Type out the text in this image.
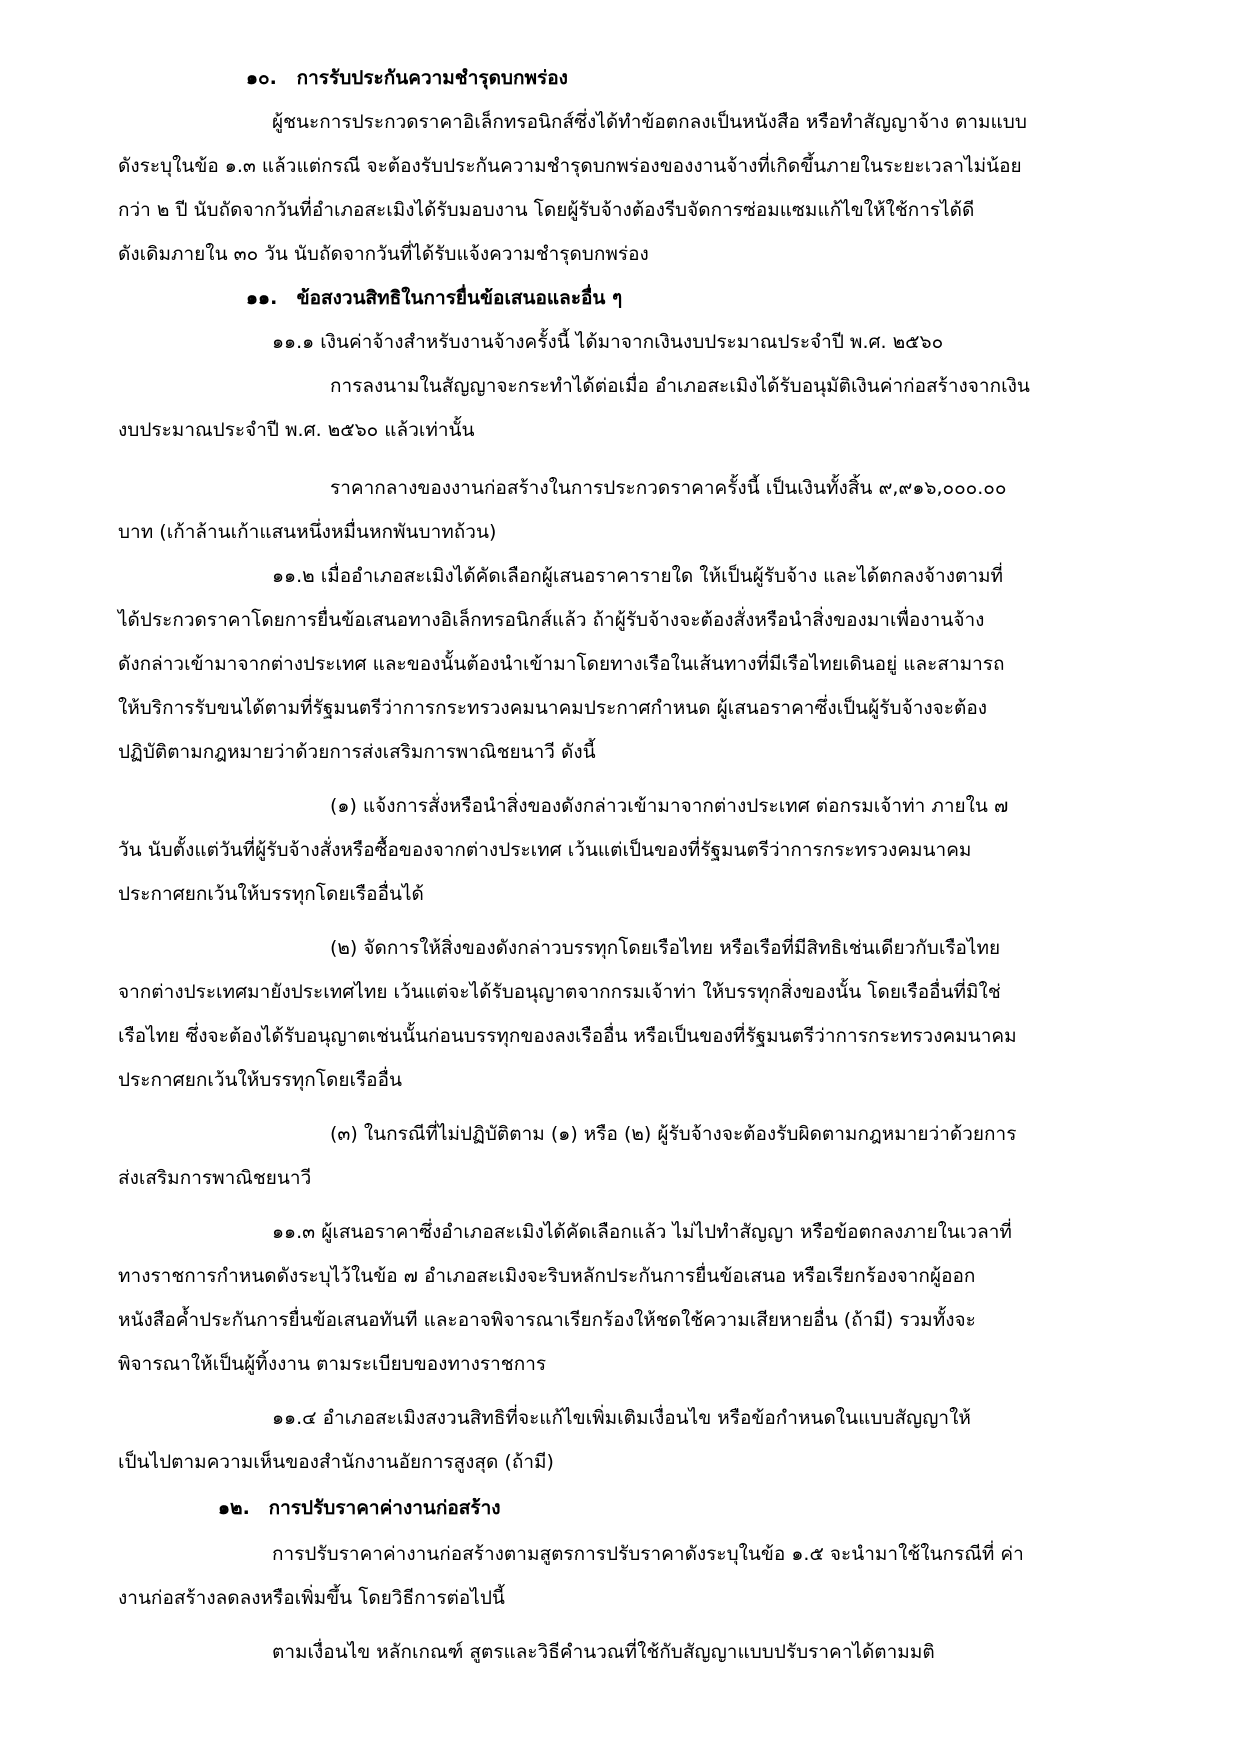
๑๐. การรับประกันความชำรุดบกพร่อง

ผู้ชนะการประกวดราคาอิเล็กทรอนิกส์ซึ่งได้ทำข้อตกลงเป็นหนังสือ หรือทำสัญญาจ้าง ตามแบบ

ดังระบุในข้อ ๑.๓ แล้วแต่กรณี จะต้องรับประกันความชำรุดบกพร่องของงานจ้างที่เกิดขึ้นภายในระยะเวลาไม่น้อย

กว่า ๒ ปี นับถัดจากวันที่อำเภอสะเมิงได้รับมอบงาน โดยผู้รับจ้างต้องรีบจัดการซ่อมแซมแก้ไขให้ใช้การได้ดี

ดังเดิมภายใน ๓๐ วัน นับถัดจากวันที่ได้รับแจ้งความชำรุดบกพร่อง

๑๑. ข้อสงวนสิทธิในการยื่นข้อเสนอและอื่น ๆ

๑๑.๑ เงินค่าจ้างสำหรับงานจ้างครั้งนี้ ได้มาจากเงินงบประมาณประจำปี พ.ศ. ๒๕๖๐

การลงนามในสัญญาจะกระทำได้ต่อเมื่อ อำเภอสะเมิงได้รับอนุมัติเงินค่าก่อสร้างจากเงิน

งบประมาณประจำปี พ.ศ. ๒๕๖๐ แล้วเท่านั้น

ราคากลางของงานก่อสร้างในการประกวดราคาครั้งนี้ เป็นเงินทั้งสิ้น ๙,๙๑๖,๐๐๐.๐๐

บาท (เก้าล้านเก้าแสนหนึ่งหมื่นหกพันบาทถ้วน)

๑๑.๒ เมื่ออำเภอสะเมิงได้คัดเลือกผู้เสนอราคารายใด ให้เป็นผู้รับจ้าง และได้ตกลงจ้างตามที่

ได้ประกวดราคาโดยการยื่นข้อเสนอทางอิเล็กทรอนิกส์แล้ว ถ้าผู้รับจ้างจะต้องสั่งหรือนำสิ่งของมาเพื่องานจ้าง

ดังกล่าวเข้ามาจากต่างประเทศ และของนั้นต้องนำเข้ามาโดยทางเรือในเส้นทางที่มีเรือไทยเดินอยู่ และสามารถ

ให้บริการรับขนได้ตามที่รัฐมนตรีว่าการกระทรวงคมนาคมประกาศกำหนด ผู้เสนอราคาซึ่งเป็นผู้รับจ้างจะต้อง

ปฏิบัติตามกฎหมายว่าด้วยการส่งเสริมการพาณิชยนาวี ดังนี้

(๑) แจ้งการสั่งหรือนำสิ่งของดังกล่าวเข้ามาจากต่างประเทศ ต่อกรมเจ้าท่า ภายใน ๗

วัน นับตั้งแต่วันที่ผู้รับจ้างสั่งหรือซื้อของจากต่างประเทศ เว้นแต่เป็นของที่รัฐมนตรีว่าการกระทรวงคมนาคม

ประกาศยกเว้นให้บรรทุกโดยเรืออื่นได้

(๒) จัดการให้สิ่งของดังกล่าวบรรทุกโดยเรือไทย หรือเรือที่มีสิทธิเช่นเดียวกับเรือไทย

จากต่างประเทศมายังประเทศไทย เว้นแต่จะได้รับอนุญาตจากกรมเจ้าท่า ให้บรรทุกสิ่งของนั้น โดยเรืออื่นที่มิใช่

เรือไทย ซึ่งจะต้องได้รับอนุญาตเช่นนั้นก่อนบรรทุกของลงเรืออื่น หรือเป็นของที่รัฐมนตรีว่าการกระทรวงคมนาคม

ประกาศยกเว้นให้บรรทุกโดยเรืออื่น

(๓) ในกรณีที่ไม่ปฏิบัติตาม (๑) หรือ (๒) ผู้รับจ้างจะต้องรับผิดตามกฎหมายว่าด้วยการ

ส่งเสริมการพาณิชยนาวี

๑๑.๓ ผู้เสนอราคาซึ่งอำเภอสะเมิงได้คัดเลือกแล้ว ไม่ไปทำสัญญา หรือข้อตกลงภายในเวลาที่

ทางราชการกำหนดดังระบุไว้ในข้อ ๗ อำเภอสะเมิงจะริบหลักประกันการยื่นข้อเสนอ หรือเรียกร้องจากผู้ออก

หนังสือค้ำประกันการยื่นข้อเสนอทันที และอาจพิจารณาเรียกร้องให้ชดใช้ความเสียหายอื่น (ถ้ามี) รวมทั้งจะ

พิจารณาให้เป็นผู้ทิ้งงาน ตามระเบียบของทางราชการ

๑๑.๔ อำเภอสะเมิงสงวนสิทธิที่จะแก้ไขเพิ่มเติมเงื่อนไข หรือข้อกำหนดในแบบสัญญาให้

เป็นไปตามความเห็นของสำนักงานอัยการสูงสุด (ถ้ามี)

๑๒. การปรับราคาค่างานก่อสร้าง

การปรับราคาค่างานก่อสร้างตามสูตรการปรับราคาดังระบุในข้อ ๑.๕ จะนำมาใช้ในกรณีที่ ค่า

งานก่อสร้างลดลงหรือเพิ่มขึ้น โดยวิธีการต่อไปนี้

ตามเงื่อนไข หลักเกณฑ์ สูตรและวิธีคำนวณที่ใช้กับสัญญาแบบปรับราคาได้ตามมติ
